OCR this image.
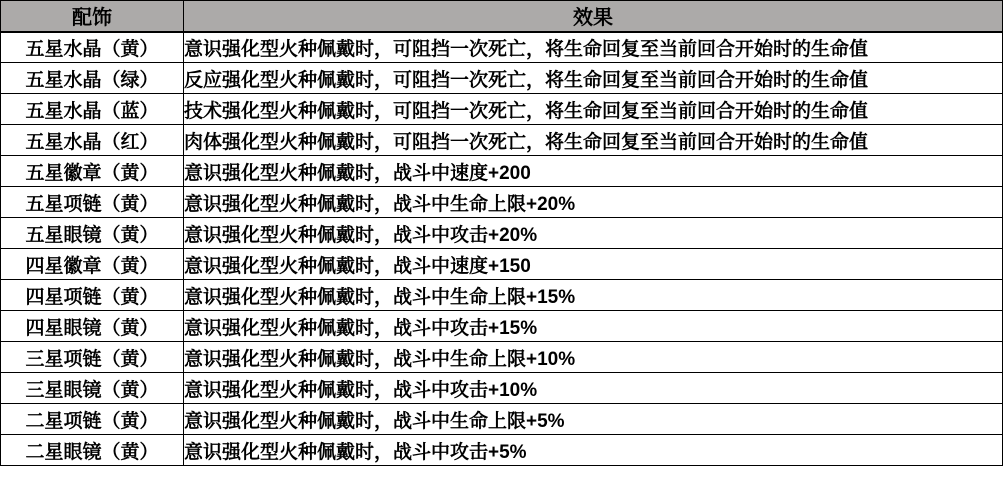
配饰	效果
五星水晶（黄）	意识强化型火种佩戴时，可阻挡一次死亡，将生命回复至当前回合开始时的生命值
五星水晶（绿）	反应强化型火种佩戴时，可阻挡一次死亡，将生命回复至当前回合开始时的生命值
五星水晶（蓝）	技术强化型火种佩戴时，可阻挡一次死亡，将生命回复至当前回合开始时的生命值
五星水晶（红）	肉体强化型火种佩戴时，可阻挡一次死亡，将生命回复至当前回合开始时的生命值
五星徽章（黄）	意识强化型火种佩戴时，战斗中速度+200
五星项链（黄）	意识强化型火种佩戴时，战斗中生命上限+20%
五星眼镜（黄）	意识强化型火种佩戴时，战斗中攻击+20%
四星徽章（黄）	意识强化型火种佩戴时，战斗中速度+150
四星项链（黄）	意识强化型火种佩戴时，战斗中生命上限+15%
四星眼镜（黄）	意识强化型火种佩戴时，战斗中攻击+15%
三星项链（黄）	意识强化型火种佩戴时，战斗中生命上限+10%
三星眼镜（黄）	意识强化型火种佩戴时，战斗中攻击+10%
二星项链（黄）	意识强化型火种佩戴时，战斗中生命上限+5%
二星眼镜（黄）	意识强化型火种佩戴时，战斗中攻击+5%
